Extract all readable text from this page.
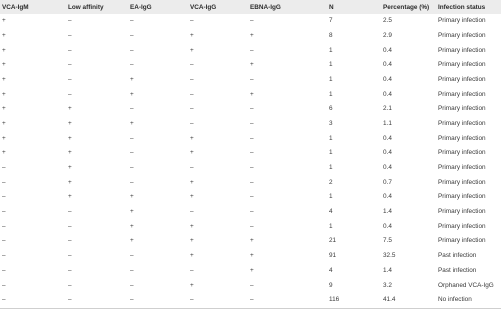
VCA-IgM	Low affinity	EA-IgG	VCA-IgG	EBNA-IgG	N	Percentage (%)	Infection status
+	–	–	–	–	7	2.5	Primary infection
+	–	–	+	+	8	2.9	Primary infection
+	–	–	+	–	1	0.4	Primary infection
+	–	–	–	+	1	0.4	Primary infection
+	–	+	–	–	1	0.4	Primary infection
+	–	+	–	+	1	0.4	Primary infection
+	+	–	–	–	6	2.1	Primary infection
+	+	+	–	–	3	1.1	Primary infection
+	+	–	+	–	1	0.4	Primary infection
+	+	–	+	–	1	0.4	Primary infection
–	+	–	–	–	1	0.4	Primary infection
–	+	–	+	–	2	0.7	Primary infection
–	+	+	+	–	1	0.4	Primary infection
–	–	+	–	–	4	1.4	Primary infection
–	–	+	+	–	1	0.4	Primary infection
–	–	+	+	+	21	7.5	Primary infection
–	–	–	+	+	91	32.5	Past infection
–	–	–	–	+	4	1.4	Past infection
–	–	–	+	–	9	3.2	Orphaned VCA-IgG
–	–	–	–	–	116	41.4	No infection
